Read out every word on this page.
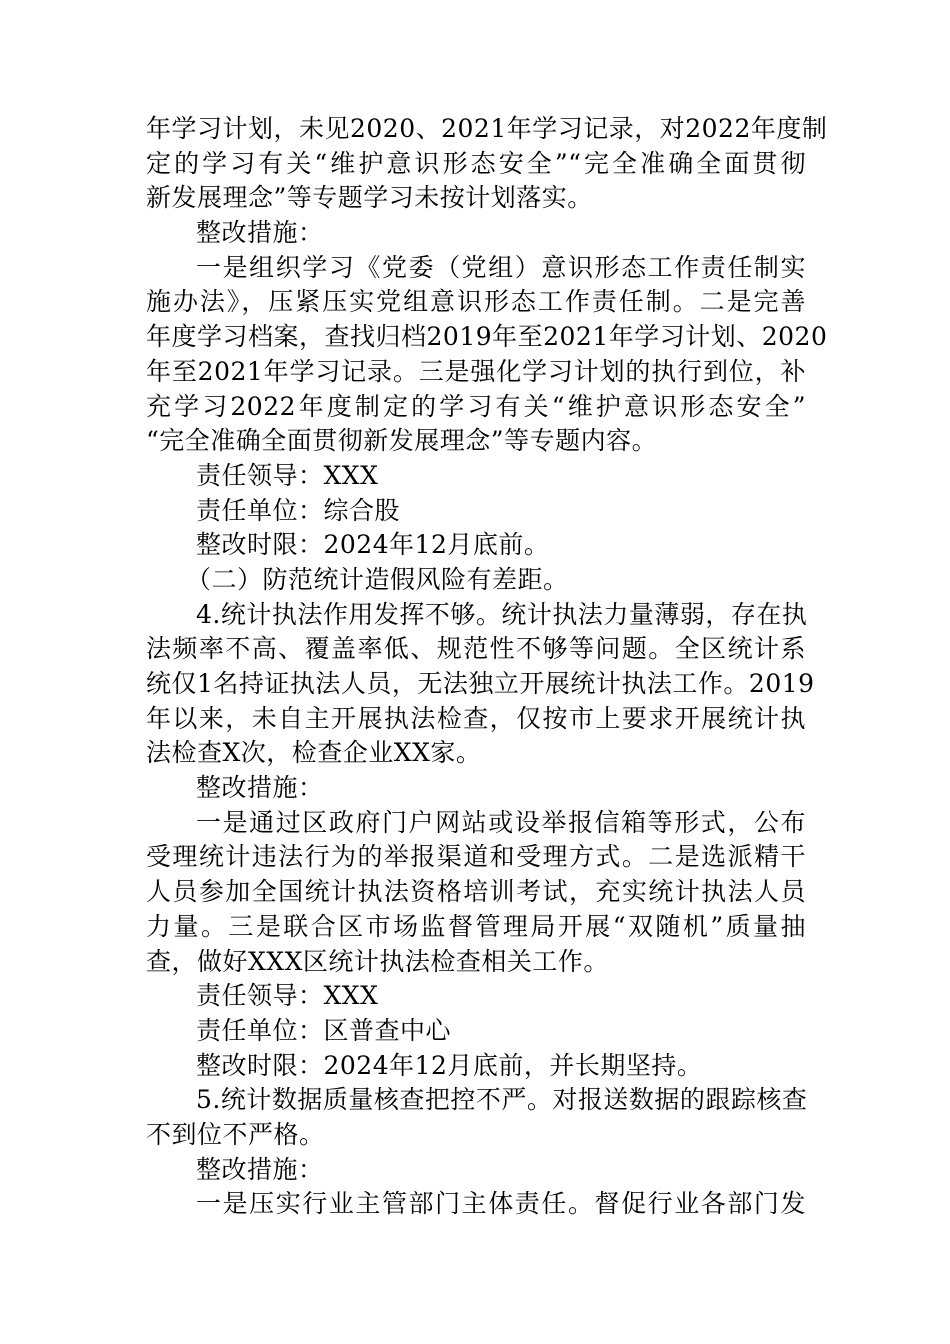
年学习计划，未见2020、2021年学习记录，对2022年度制
定的学习有关“维护意识形态安全”“完全准确全面贯彻
新发展理念”等专题学习未按计划落实。
整改措施：
一是组织学习《党委（党组）意识形态工作责任制实
施办法》，压紧压实党组意识形态工作责任制。二是完善
年度学习档案，查找归档2019年至2021年学习计划、2020
年至2021年学习记录。三是强化学习计划的执行到位，补
充学习2022年度制定的学习有关“维护意识形态安全”
“完全准确全面贯彻新发展理念”等专题内容。
责任领导：XXX
责任单位：综合股
整改时限：2024年12月底前。
（二）防范统计造假风险有差距。
4.统计执法作用发挥不够。统计执法力量薄弱，存在执
法频率不高、覆盖率低、规范性不够等问题。全区统计系
统仅1名持证执法人员，无法独立开展统计执法工作。2019
年以来，未自主开展执法检查，仅按市上要求开展统计执
法检查X次，检查企业XX家。
整改措施：
一是通过区政府门户网站或设举报信箱等形式，公布
受理统计违法行为的举报渠道和受理方式。二是选派精干
人员参加全国统计执法资格培训考试，充实统计执法人员
力量。三是联合区市场监督管理局开展“双随机”质量抽
查，做好XXX区统计执法检查相关工作。
责任领导：XXX
责任单位：区普查中心
整改时限：2024年12月底前，并长期坚持。
5.统计数据质量核查把控不严。对报送数据的跟踪核查
不到位不严格。
整改措施：
一是压实行业主管部门主体责任。督促行业各部门发
